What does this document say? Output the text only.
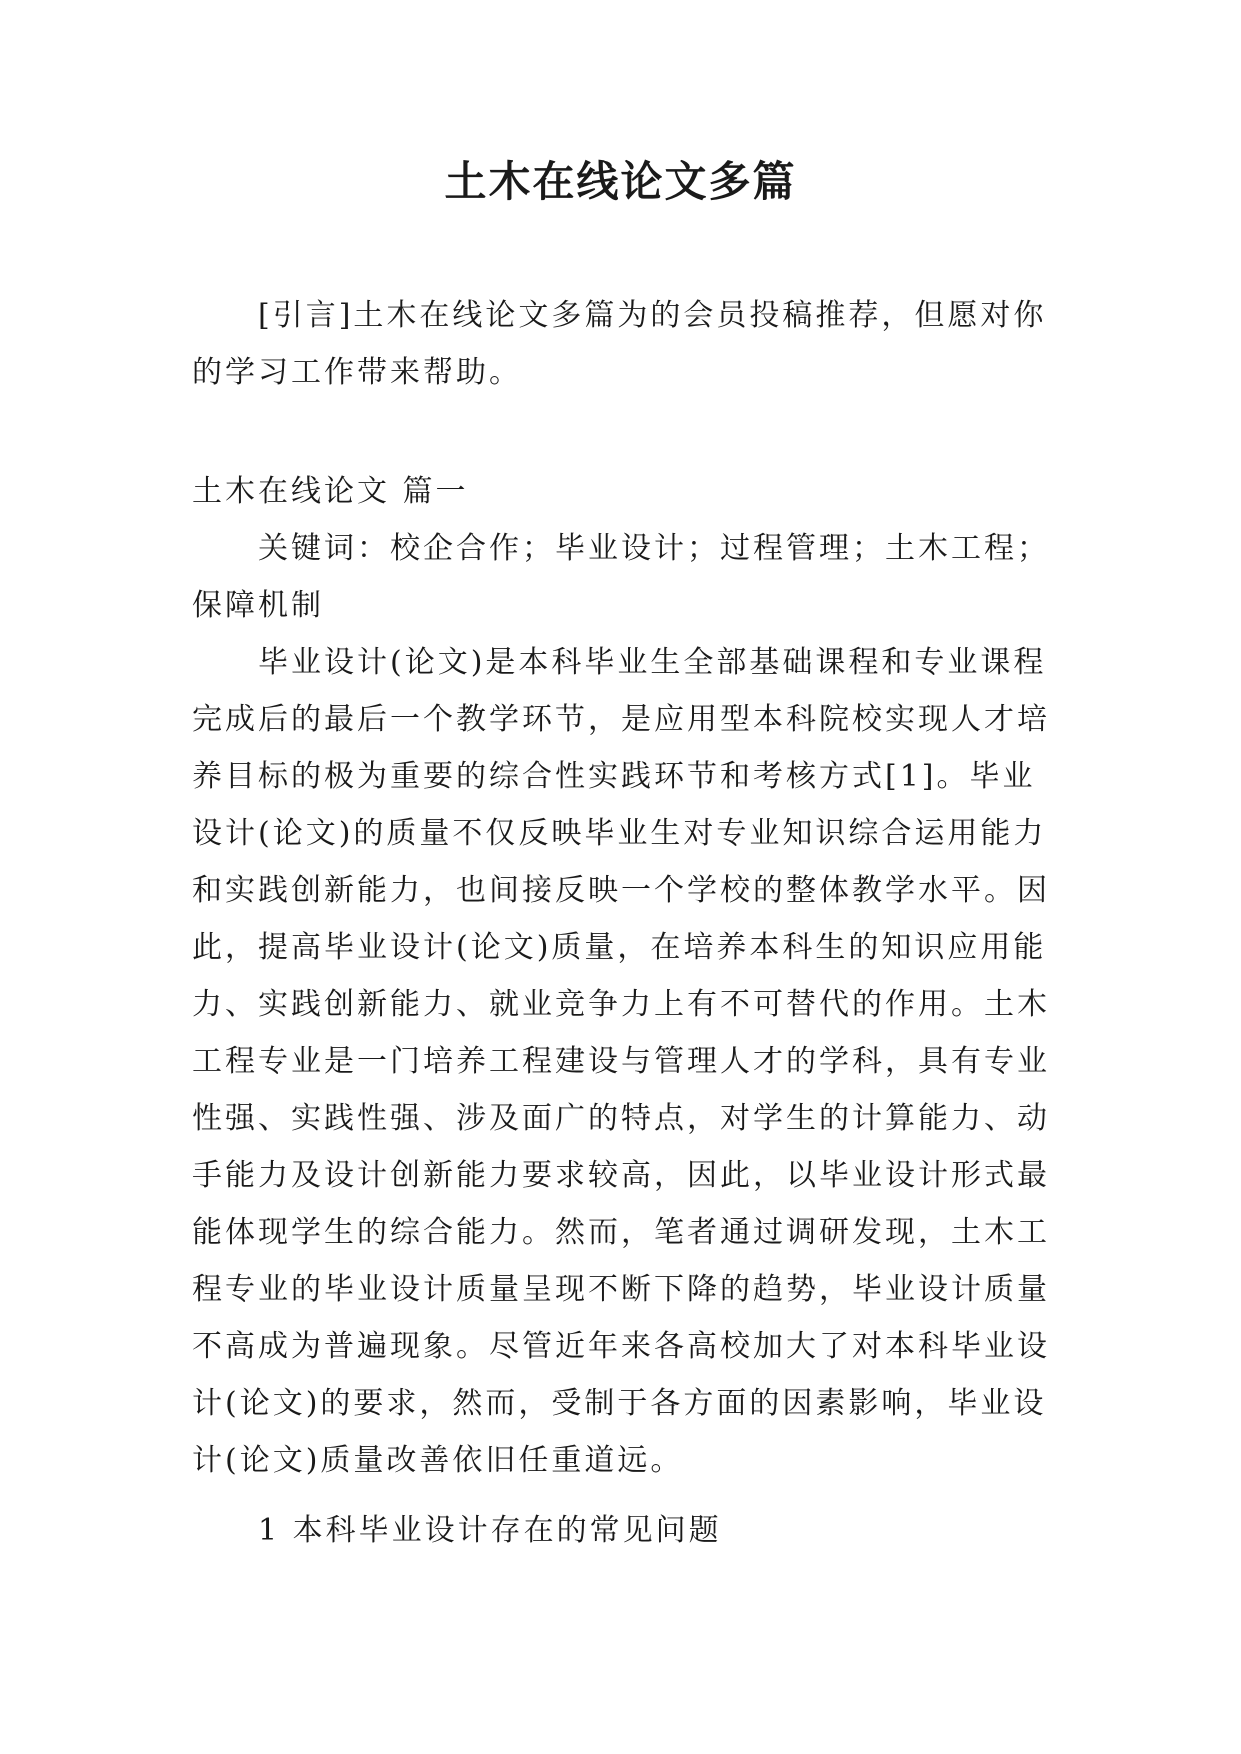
土木在线论文多篇

[引言]土木在线论文多篇为的会员投稿推荐，但愿对你的学习工作带来帮助。

土木在线论文 篇一

关键词：校企合作；毕业设计；过程管理；土木工程；保障机制

毕业设计(论文)是本科毕业生全部基础课程和专业课程完成后的最后一个教学环节，是应用型本科院校实现人才培养目标的极为重要的综合性实践环节和考核方式[1]。毕业设计(论文)的质量不仅反映毕业生对专业知识综合运用能力和实践创新能力，也间接反映一个学校的整体教学水平。因此，提高毕业设计(论文)质量，在培养本科生的知识应用能力、实践创新能力、就业竞争力上有不可替代的作用。土木工程专业是一门培养工程建设与管理人才的学科，具有专业性强、实践性强、涉及面广的特点，对学生的计算能力、动手能力及设计创新能力要求较高，因此，以毕业设计形式最能体现学生的综合能力。然而，笔者通过调研发现，土木工程专业的毕业设计质量呈现不断下降的趋势，毕业设计质量不高成为普遍现象。尽管近年来各高校加大了对本科毕业设计(论文)的要求，然而，受制于各方面的因素影响，毕业设计(论文)质量改善依旧任重道远。

1 本科毕业设计存在的常见问题
